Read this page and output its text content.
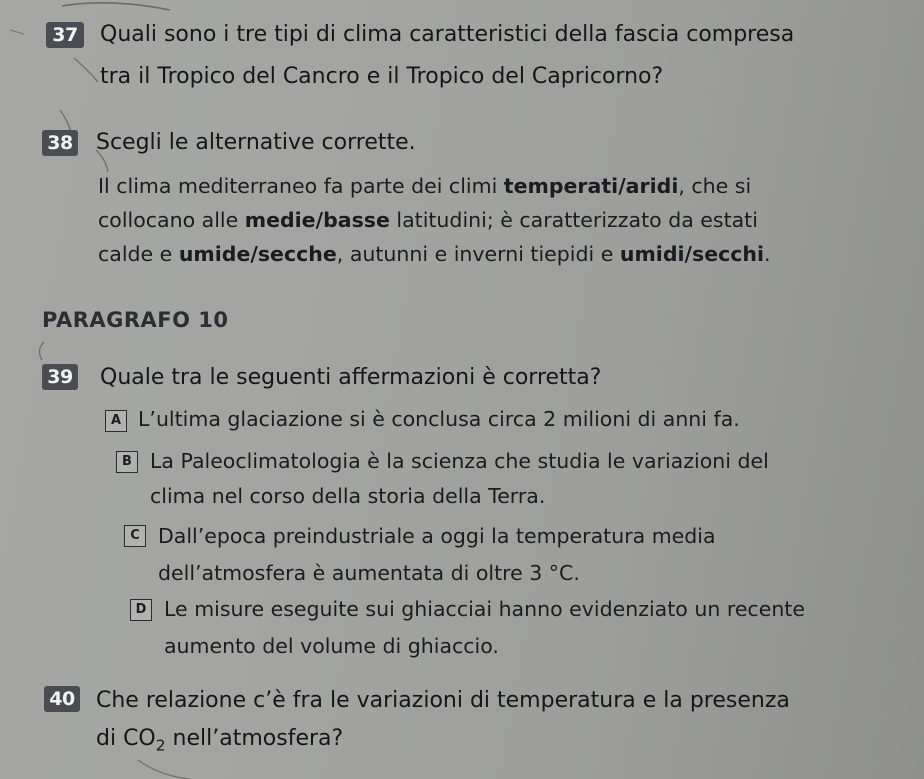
37 Quali sono i tre tipi di clima caratteristici della fascia compresa
tra il Tropico del Cancro e il Tropico del Capricorno?
38 Scegli le alternative corrette.
Il clima mediterraneo fa parte dei climi temperati/aridi, che si
collocano alle medie/basse latitudini; è caratterizzato da estati
calde e umide/secche, autunni e inverni tiepidi e umidi/secchi.
PARAGRAFO 10
39 Quale tra le seguenti affermazioni è corretta?
A L’ultima glaciazione si è conclusa circa 2 milioni di anni fa.
B La Paleoclimatologia è la scienza che studia le variazioni del
clima nel corso della storia della Terra.
C Dall’epoca preindustriale a oggi la temperatura media
dell’atmosfera è aumentata di oltre 3 °C.
D Le misure eseguite sui ghiacciai hanno evidenziato un recente
aumento del volume di ghiaccio.
40 Che relazione c’è fra le variazioni di temperatura e la presenza
di $CO_2$ nell’atmosfera?
